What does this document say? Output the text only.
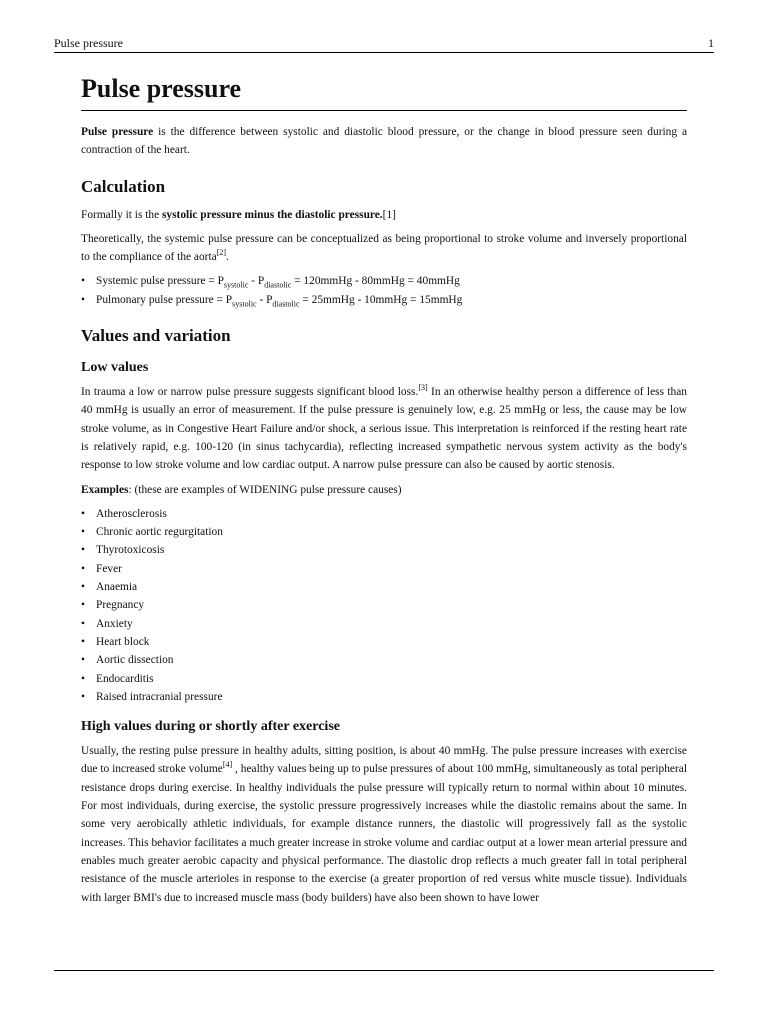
Pulse pressure	1
Pulse pressure

Pulse pressure is the difference between systolic and diastolic blood pressure, or the change in blood pressure seen during a contraction of the heart.

Calculation

Formally it is the systolic pressure minus the diastolic pressure.[1]

Theoretically, the systemic pulse pressure can be conceptualized as being proportional to stroke volume and inversely proportional to the compliance of the aorta[2].

• Systemic pulse pressure = $P_{systolic} - P_{diastolic}$ = 120mmHg - 80mmHg = 40mmHg
• Pulmonary pulse pressure = $P_{systolic} - P_{diastolic}$ = 25mmHg - 10mmHg = 15mmHg
Values and variation
Low values

In trauma a low or narrow pulse pressure suggests significant blood loss.[3] In an otherwise healthy person a difference of less than 40 mmHg is usually an error of measurement. If the pulse pressure is genuinely low, e.g. 25 mmHg or less, the cause may be low stroke volume, as in Congestive Heart Failure and/or shock, a serious issue. This interpretation is reinforced if the resting heart rate is relatively rapid, e.g. 100-120 (in sinus tachycardia), reflecting increased sympathetic nervous system activity as the body's response to low stroke volume and low cardiac output. A narrow pulse pressure can also be caused by aortic stenosis.

Examples: (these are examples of WIDENING pulse pressure causes)

• Atherosclerosis
• Chronic aortic regurgitation
• Thyrotoxicosis
• Fever
• Anaemia
• Pregnancy
• Anxiety
• Heart block
• Aortic dissection
• Endocarditis
• Raised intracranial pressure
High values during or shortly after exercise

Usually, the resting pulse pressure in healthy adults, sitting position, is about 40 mmHg. The pulse pressure increases with exercise due to increased stroke volume[4] , healthy values being up to pulse pressures of about 100 mmHg, simultaneously as total peripheral resistance drops during exercise. In healthy individuals the pulse pressure will typically return to normal within about 10 minutes. For most individuals, during exercise, the systolic pressure progressively increases while the diastolic remains about the same. In some very aerobically athletic individuals, for example distance runners, the diastolic will progressively fall as the systolic increases. This behavior facilitates a much greater increase in stroke volume and cardiac output at a lower mean arterial pressure and enables much greater aerobic capacity and physical performance. The diastolic drop reflects a much greater fall in total peripheral resistance of the muscle arterioles in response to the exercise (a greater proportion of red versus white muscle tissue). Individuals with larger BMI's due to increased muscle mass (body builders) have also been shown to have lower
